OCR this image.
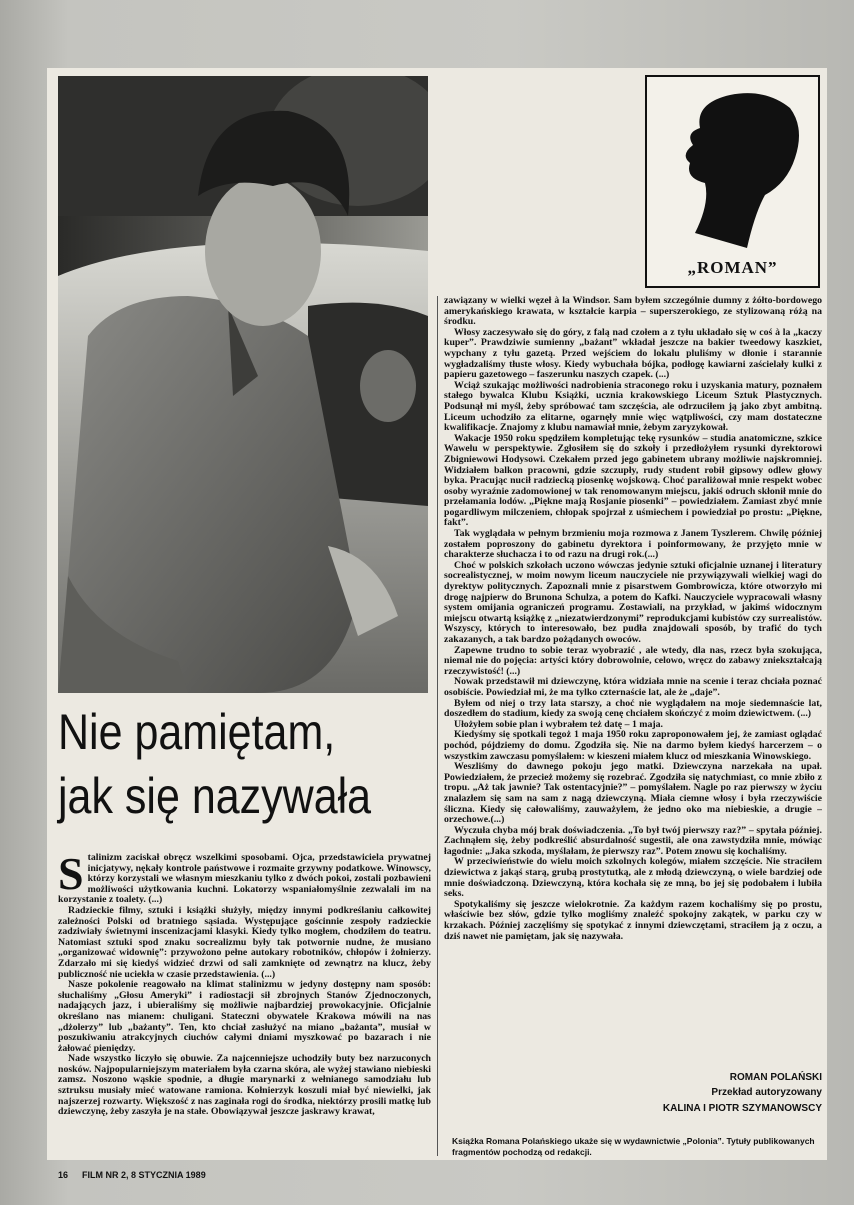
„ROMAN”
Nie pamiętam,
jak się nazywała
S talinizm zaciskał obręcz wszelkimi sposobami. Ojca, przedstawiciela prywatnej inicjatywy, nękały kontrole państwowe i rozmaite grzywny podatkowe. Winowscy, którzy korzystali we własnym mieszkaniu tylko z dwóch pokoi, zostali pozbawieni możliwości użytkowania kuchni. Lokatorzy wspaniałomyślnie zezwalali im na korzystanie z toalety. (...)

Radzieckie filmy, sztuki i książki służyły, między innymi podkreślaniu całkowitej zależności Polski od bratniego sąsiada. Występujące gościnnie zespoły radzieckie zadziwiały świetnymi inscenizacjami klasyki. Kiedy tylko mogłem, chodziłem do teatru. Natomiast sztuki spod znaku socrealizmu były tak potwornie nudne, że musiano „organizować widownię”: przywożono pełne autokary robotników, chłopów i żołnierzy. Zdarzało mi się kiedyś widzieć drzwi od sali zamknięte od zewnątrz na klucz, żeby publiczność nie uciekła w czasie przedstawienia. (...)

Nasze pokolenie reagowało na klimat stalinizmu w jedyny dostępny nam sposób: słuchaliśmy „Głosu Ameryki” i radiostacji sił zbrojnych Stanów Zjednoczonych, nadających jazz, i ubieraliśmy się możliwie najbardziej prowokacyjnie. Oficjalnie określano nas mianem: chuligani. Stateczni obywatele Krakowa mówili na nas „dżolerzy” lub „bażanty”. Ten, kto chciał zasłużyć na miano „bażanta”, musiał w poszukiwaniu atrakcyjnych ciuchów całymi dniami myszkować po bazarach i nie żałować pieniędzy.

Nade wszystko liczyło się obuwie. Za najcenniejsze uchodziły buty bez narzuconych nosków. Najpopularniejszym materiałem była czarna skóra, ale wyżej stawiano niebieski zamsz. Noszono wąskie spodnie, a długie marynarki z wełnianego samodziału lub sztruksu musiały mieć watowane ramiona. Kołnierzyk koszuli miał być niewielki, jak najszerzej rozwarty. Większość z nas zaginała rogi do środka, niektórzy prosili matkę lub dziewczynę, żeby zaszyła je na stałe. Obowiązywał jeszcze jaskrawy krawat,

zawiązany w wielki węzeł à la Windsor. Sam byłem szczególnie dumny z żółto-bordowego amerykańskiego krawata, w kształcie karpia – superszerokiego, ze stylizowaną różą na środku.

Włosy zaczesywało się do góry, z falą nad czołem a z tyłu układało się w coś à la „kaczy kuper”. Prawdziwie sumienny „bażant” wkładał jeszcze na bakier tweedowy kaszkiet, wypchany z tyłu gazetą. Przed wejściem do lokalu pluliśmy w dłonie i starannie wygładzaliśmy tłuste włosy. Kiedy wybuchała bójka, podłogę kawiarni zaścielały kulki z papieru gazetowego – faszerunku naszych czapek. (...)

Wciąż szukając możliwości nadrobienia straconego roku i uzyskania matury, poznałem stałego bywalca Klubu Książki, ucznia krakowskiego Liceum Sztuk Plastycznych. Podsunął mi myśl, żeby spróbować tam szczęścia, ale odrzuciłem ją jako zbyt ambitną. Liceum uchodziło za elitarne, ogarnęły mnie więc wątpliwości, czy mam dostateczne kwalifikacje. Znajomy z klubu namawiał mnie, żebym zaryzykował.

Wakacje 1950 roku spędziłem kompletując tekę rysunków – studia anatomiczne, szkice Wawelu w perspektywie. Zgłosiłem się do szkoły i przedłożyłem rysunki dyrektorowi Zbigniewowi Hodysowi. Czekałem przed jego gabinetem ubrany możliwie najskromniej. Widziałem balkon pracowni, gdzie szczupły, rudy student robił gipsowy odlew głowy byka. Pracując nucił radziecką piosenkę wojskową. Choć paraliżował mnie respekt wobec osoby wyraźnie zadomowionej w tak renomowanym miejscu, jakiś odruch skłonił mnie do przełamania lodów. „Piękne mają Rosjanie piosenki” – powiedziałem. Zamiast zbyć mnie pogardliwym milczeniem, chłopak spojrzał z uśmiechem i powiedział po prostu: „Piękne, fakt”.

Tak wyglądała w pełnym brzmieniu moja rozmowa z Janem Tyszlerem. Chwilę później zostałem poproszony do gabinetu dyrektora i poinformowany, że przyjęto mnie w charakterze słuchacza i to od razu na drugi rok.(...)

Choć w polskich szkołach uczono wówczas jedynie sztuki oficjalnie uznanej i literatury socrealistycznej, w moim nowym liceum nauczyciele nie przywiązywali wielkiej wagi do dyrektyw politycznych. Zapoznali mnie z pisarstwem Gombrowicza, które otworzyło mi drogę najpierw do Brunona Schulza, a potem do Kafki. Nauczyciele wypracowali własny system omijania ograniczeń programu. Zostawiali, na przykład, w jakimś widocznym miejscu otwartą książkę z „niezatwierdzonymi” reprodukcjami kubistów czy surrealistów. Wszyscy, których to interesowało, bez pudła znajdowali sposób, by trafić do tych zakazanych, a tak bardzo pożądanych owoców.

Zapewne trudno to sobie teraz wyobrazić , ale wtedy, dla nas, rzecz była szokująca, niemal nie do pojęcia: artyści który dobrowolnie, celowo, wręcz do zabawy zniekształcają rzeczywistość! (...)

Nowak przedstawił mi dziewczynę, która widziała mnie na scenie i teraz chciała poznać osobiście. Powiedział mi, że ma tylko czternaście lat, ale że „daje”.

Byłem od niej o trzy lata starszy, a choć nie wyglądałem na moje siedemnaście lat, doszedłem do stadium, kiedy za swoją cenę chciałem skończyć z moim dziewictwem. (...)

Ułożyłem sobie plan i wybrałem też datę – 1 maja.

Kiedyśmy się spotkali tegoż 1 maja 1950 roku zaproponowałem jej, że zamiast oglądać pochód, pójdziemy do domu. Zgodziła się. Nie na darmo byłem kiedyś harcerzem – o wszystkim zawczasu pomyślałem: w kieszeni miałem klucz od mieszkania Winowskiego.

Weszliśmy do dawnego pokoju jego matki. Dziewczyna narzekała na upał. Powiedziałem, że przecież możemy się rozebrać. Zgodziła się natychmiast, co mnie zbiło z tropu. „Aż tak jawnie? Tak ostentacyjnie?” – pomyślałem. Nagle po raz pierwszy w życiu znalazłem się sam na sam z nagą dziewczyną. Miała ciemne włosy i była rzeczywiście śliczna. Kiedy się całowaliśmy, zauważyłem, że jedno oko ma niebieskie, a drugie – orzechowe.(...)

Wyczuła chyba mój brak doświadczenia. „To był twój pierwszy raz?” – spytała później. Zachnąłem się, żeby podkreślić absurdalność sugestii, ale ona zawstydziła mnie, mówiąc łagodnie: „Jaka szkoda, myślałam, że pierwszy raz”. Potem znowu się kochaliśmy.

W przeciwieństwie do wielu moich szkolnych kolegów, miałem szczęście. Nie straciłem dziewictwa z jakąś starą, grubą prostytutką, ale z młodą dziewczyną, o wiele bardziej ode mnie doświadczoną. Dziewczyną, która kochała się ze mną, bo jej się podobałem i lubiła seks.

Spotykaliśmy się jeszcze wielokrotnie. Za każdym razem kochaliśmy się po prostu, właściwie bez słów, gdzie tylko mogliśmy znaleźć spokojny zakątek, w parku czy w krzakach. Później zaczęliśmy się spotykać z innymi dziewczętami, straciłem ją z oczu, a dziś nawet nie pamiętam, jak się nazywała.

ROMAN POLAŃSKI
Przekład autoryzowany
KALINA I PIOTR SZYMANOWSCY
Książka Romana Polańskiego ukaże się w wydawnictwie „Polonia”. Tytuły publikowanych fragmentów pochodzą od redakcji.
16 FILM NR 2, 8 STYCZNIA 1989
